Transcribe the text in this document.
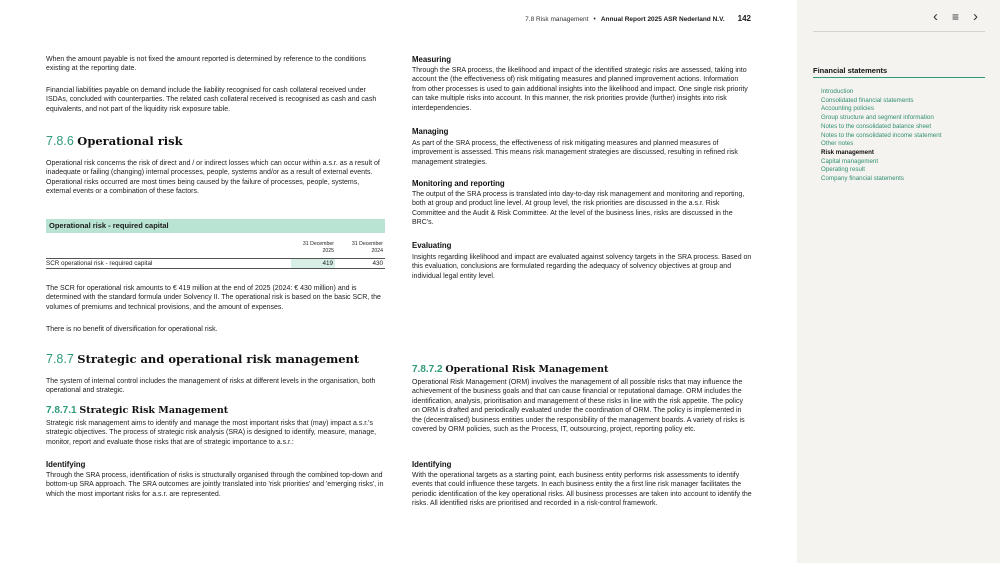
7.8 Risk management • Annual Report 2025 ASR Nederland N.V. 142

When the amount payable is not fixed the amount reported is determined by reference to the conditions existing at the reporting date.

Financial liabilities payable on demand include the liability recognised for cash collateral received under ISDAs, concluded with counterparties. The related cash collateral received is recognised as cash and cash equivalents, and not part of the liquidity risk exposure table.

7.8.6 Operational risk

Operational risk concerns the risk of direct and / or indirect losses which can occur within a.s.r. as a result of inadequate or failing (changing) internal processes, people, systems and/or as a result of external events. Operational risks occurred are most times being caused by the failure of processes, people, systems, external events or a combination of these factors.

Operational risk - required capital
31 December
2025
31 December
2024
SCR operational risk - required capital	419	430

The SCR for operational risk amounts to € 419 million at the end of 2025 (2024: € 430 million) and is determined with the standard formula under Solvency II. The operational risk is based on the basic SCR, the volumes of premiums and technical provisions, and the amount of expenses.

There is no benefit of diversification for operational risk.

7.8.7 Strategic and operational risk management

The system of internal control includes the management of risks at different levels in the organisation, both operational and strategic.

7.8.7.1 Strategic Risk Management

Strategic risk management aims to identify and manage the most important risks that (may) impact a.s.r.'s strategic objectives. The process of strategic risk analysis (SRA) is designed to identify, measure, manage, monitor, report and evaluate those risks that are of strategic importance to a.s.r.:

Identifying

Through the SRA process, identification of risks is structurally organised through the combined top-down and bottom-up SRA approach. The SRA outcomes are jointly translated into 'risk priorities' and 'emerging risks', in which the most important risks for a.s.r. are represented.

Measuring

Through the SRA process, the likelihood and impact of the identified strategic risks are assessed, taking into account the (the effectiveness of) risk mitigating measures and planned improvement actions. Information from other processes is used to gain additional insights into the likelihood and impact. One single risk priority can take multiple risks into account. In this manner, the risk priorities provide (further) insights into risk interdependencies.

Managing

As part of the SRA process, the effectiveness of risk mitigating measures and planned measures of improvement is assessed. This means risk management strategies are discussed, resulting in refined risk management strategies.

Monitoring and reporting

The output of the SRA process is translated into day-to-day risk management and monitoring and reporting, both at group and product line level. At group level, the risk priorities are discussed in the a.s.r. Risk Committee and the Audit & Risk Committee. At the level of the business lines, risks are discussed in the BRC's.

Evaluating

Insights regarding likelihood and impact are evaluated against solvency targets in the SRA process. Based on this evaluation, conclusions are formulated regarding the adequacy of solvency objectives at group and individual legal entity level.

7.8.7.2 Operational Risk Management

Operational Risk Management (ORM) involves the management of all possible risks that may influence the achievement of the business goals and that can cause financial or reputational damage. ORM includes the identification, analysis, prioritisation and management of these risks in line with the risk appetite. The policy on ORM is drafted and periodically evaluated under the coordination of ORM. The policy is implemented in the (decentralised) business entities under the responsibility of the management boards. A variety of risks is covered by ORM policies, such as the Process, IT, outsourcing, project, reporting policy etc.

Identifying

With the operational targets as a starting point, each business entity performs risk assessments to identify events that could influence these targets. In each business entity the a first line risk manager facilitates the periodic identification of the key operational risks. All business processes are taken into account to identify the risks. All identified risks are prioritised and recorded in a risk-control framework.

‹ ≡ ›
Financial statements
Introduction
Consolidated financial statements
Accounting policies
Group structure and segment information
Notes to the consolidated balance sheet
Notes to the consolidated income statement
Other notes
Risk management
Capital management
Operating result
Company financial statements
